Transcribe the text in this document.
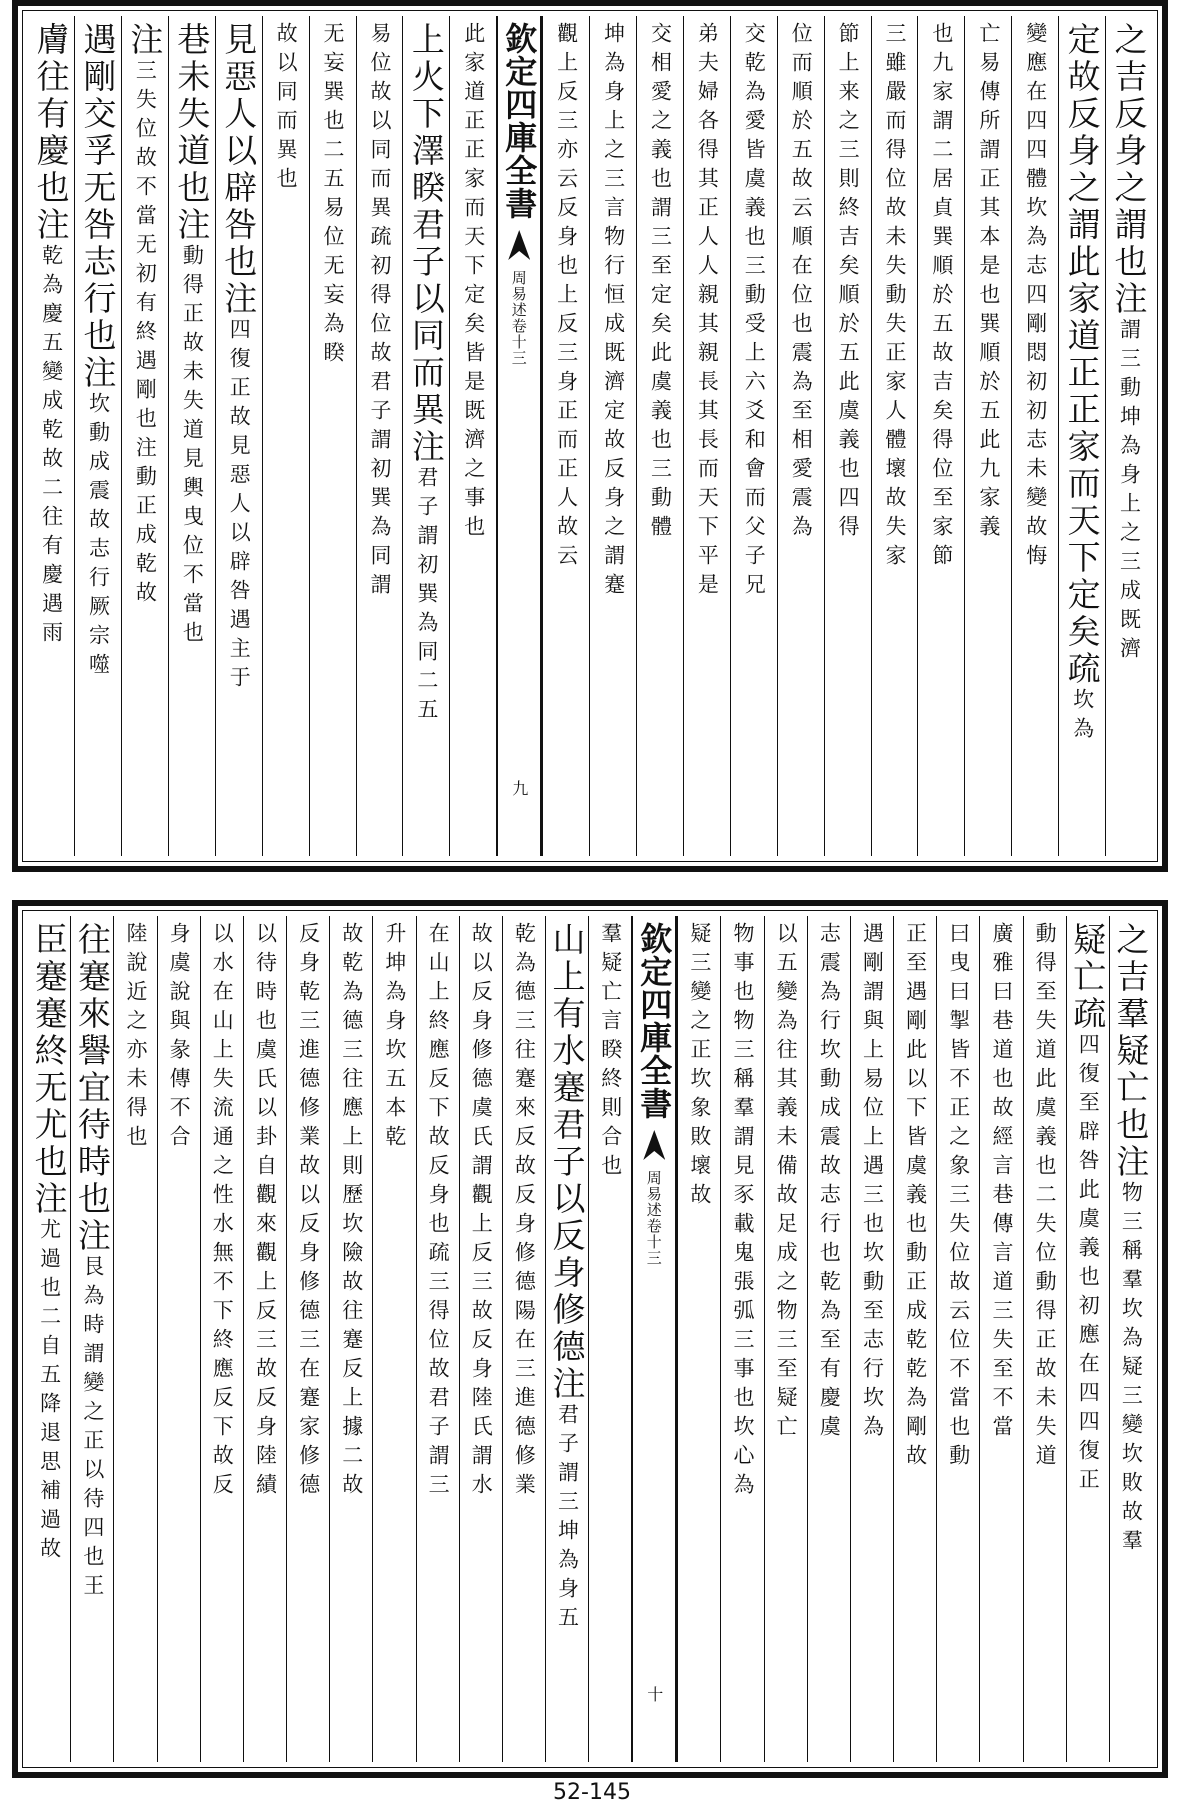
之吉反身之謂也注
謂三動坤為身上之三成既濟
定故反身之謂此家道正正家而天下定矣疏
坎為
變應在四四體坎為志四剛悶初初志未變故悔
亡易傳所謂正其本是也巽順於五此九家義
也九家謂二居貞巽順於五故吉矣得位至家節
三雖嚴而得位故未失動失正家人體壞故失家
節上来之三則終吉矣順於五此虞義也四得
位而順於五故云順在位也震為至相愛震為
交乾為愛皆虞義也三動受上六爻和會而父子兄
弟夫婦各得其正人人親其親長其長而天下平是
交相愛之義也謂三至定矣此虞義也三動體
坤為身上之三言物行恒成既濟定故反身之謂蹇
觀上反三亦云反身也上反三身正而正人故云
欽定四庫全書
周易述
卷十三
九
此家道正正家而天下定矣皆是既濟之事也
上火下澤睽君子以同而異注
君子謂初巽為同二五
易位故以同而異疏初得位故君子謂初巽為同謂
无妄巽也二五易位无妄為睽
故以同而異也
見惡人以辟咎也注
四復正故見惡人以辟咎遇主于
巷未失道也注
動得正故未失道見輿曳位不當也
注
三失位故不當无初有終遇剛也注動正成乾故
遇剛交孚无咎志行也注
坎動成震故志行厥宗噬
膚往有慶也注
乾為慶五變成乾故二往有慶遇雨
之吉羣疑亡也注
物三稱羣坎為疑三變坎敗故羣
疑亡疏
四復至辟咎此虞義也初應在四四復正
動得至失道此虞義也二失位動得正故未失道
廣雅曰巷道也故經言巷傳言道三失至不當
曰曳曰掣皆不正之象三失位故云位不當也動
正至遇剛此以下皆虞義也動正成乾乾為剛故
遇剛謂與上易位上遇三也坎動至志行坎為
志震為行坎動成震故志行也乾為至有慶虞
以五變為往其義未備故足成之物三至疑亡
物事也物三稱羣謂見豕載鬼張弧三事也坎心為
疑三變之正坎象敗壞故
欽定四庫全書
周易述
卷十三
十
羣疑亡言睽終則合也
山上有水蹇君子以反身修德注
君子謂三坤為身五
乾為德三往蹇來反故反身修德陽在三進德修業
故以反身修德虞氏謂觀上反三故反身陸氏謂水
在山上終應反下故反身也疏三得位故君子謂三
升坤為身坎五本乾
故乾為德三往應上則歷坎險故往蹇反上據二故
反身乾三進德修業故以反身修德三在蹇家修德
以待時也虞氏以卦自觀來觀上反三故反身陸績
以水在山上失流通之性水無不下終應反下故反
身虞說與彖傳不合
陸說近之亦未得也
往蹇來譽宜待時也注
艮為時謂變之正以待四也王
臣蹇蹇終无尤也注
尤過也二自五降退思補過故
52-145
